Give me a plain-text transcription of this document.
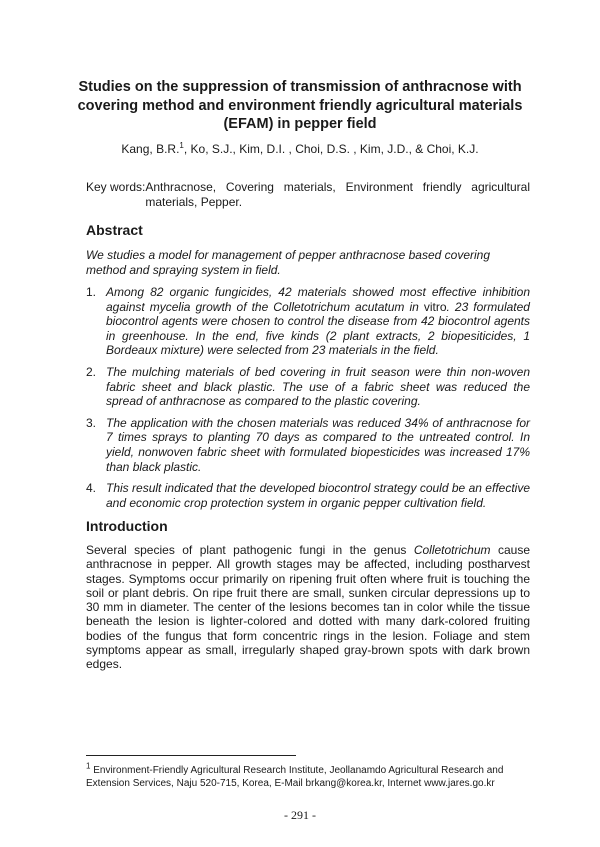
Studies on the suppression of transmission of anthracnose with covering method and environment friendly agricultural materials (EFAM) in pepper field
Kang, B.R.$^1$, Ko, S.J., Kim, D.I. , Choi, D.S. , Kim, J.D., & Choi, K.J.
Key words: Anthracnose, Covering materials, Environment friendly agricultural
materials, Pepper.
Abstract
We studies a model for management of pepper anthracnose based covering method and spraying system in field.
1. Among 82 organic fungicides, 42 materials showed most effective inhibition against mycelia growth of the Colletotrichum acutatum in vitro. 23 formulated biocontrol agents were chosen to control the disease from 42 biocontrol agents in greenhouse. In the end, five kinds (2 plant extracts, 2 biopesiticides, 1 Bordeaux mixture) were selected from 23 materials in the field.
2. The mulching materials of bed covering in fruit season were thin non-woven fabric sheet and black plastic. The use of a fabric sheet was reduced the spread of anthracnose as compared to the plastic covering.
3. The application with the chosen materials was reduced 34% of anthracnose for 7 times sprays to planting 70 days as compared to the untreated control. In yield, nonwoven fabric sheet with formulated biopesticides was increased 17% than black plastic.
4. This result indicated that the developed biocontrol strategy could be an effective and economic crop protection system in organic pepper cultivation field.
Introduction

Several species of plant pathogenic fungi in the genus Colletotrichum cause anthracnose in pepper. All growth stages may be affected, including postharvest stages. Symptoms occur primarily on ripening fruit often where fruit is touching the soil or plant debris. On ripe fruit there are small, sunken circular depressions up to 30 mm in diameter. The center of the lesions becomes tan in color while the tissue beneath the lesion is lighter-colored and dotted with many dark-colored fruiting bodies of the fungus that form concentric rings in the lesion. Foliage and stem symptoms appear as small, irregularly shaped gray-brown spots with dark brown edges.

$^1$ Environment-Friendly Agricultural Research Institute, Jeollanamdo Agricultural Research and Extension Services, Naju 520-715, Korea, E-Mail brkang@korea.kr, Internet www.jares.go.kr
- 291 -
